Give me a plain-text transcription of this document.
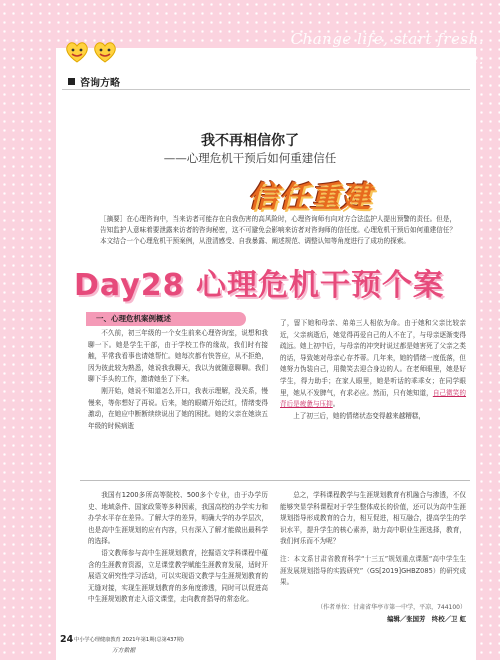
Change life, start fresh.
The best is yet to come.
咨询方略
我不再相信你了
——心理危机干预后如何重建信任
信任重建
［摘要］在心理咨询中，当来访者可能存在自我伤害的高风险时，心理咨询师有向对方合法监护人提出预警的责任。但是，告知监护人意味着要泄露来访者的咨询秘密，这不可避免会影响来访者对咨询师的信任度。心理危机干预后如何重建信任？本文结合一个心理危机干预案例，从澄清感受、自我暴露、阐述规范、调整认知等角度进行了成功的探索。
Day28 心理危机干预个案
一、心理危机案例概述

不久前，初三年级的一个女生前来心理咨询室，说想和我聊一下。她是学生干部，由于学校工作的缘故，我们时有接触，平常我看事也请她帮忙。她每次都有快答应，从不拒绝，因为彼此较为熟悉，她说我我聊天，我以为就随意聊聊。我们聊下手头的工作，邀请她坐了下来。

刚开始，她说不知道怎么开口，我表示理解，没关系，慢慢来，等你想好了再说。后来，她的眼睛开始泛红，情绪变得激动，在她应中断断续续说出了她的困扰。她的父亲在她读五年级的时候病逝

了，留下她和母亲、弟弟三人相依为命。由于她和父亲比较亲近，父亲病逝后，她觉得再爱自己的人不在了，与母亲逐渐变得疏远。她上初中后，与母亲的冲突时说过都是她害死了父亲之类的话，导致她对母亲心存芥蒂。几年来，她的情绪一度低落，但她努力伪装自己，用微笑去迎合身边的人。在老师眼里，她是好学生，得力助手；在家人眼里，她是听话的乖乖女；在同学眼里，她从不发脾气，有求必应。然而，只有她知道，自己微笑的背后是疲惫与压抑。

上了初三后，她的情绪状态变得越来越糟糕，

我国有1200多所高等院校、500多个专业，由于办学历史、地域条件、国家政策等多种因素，我国高校的办学实力和办学水平存在差异。了解大学的差异，明确大学的办学层次，也是高中生涯规划的应有内容，只有深入了解才能做出最科学的选择。

语文教师参与高中生涯规划教育，挖掘语文学科课程中蕴含的生涯教育资源，立足课堂教学赋能生涯教育发展，适时开展语文研究性学习活动，可以实现语文教学与生涯规划教育的无缝对接，实现生涯规划教育的多角度渗透，同时可以促进高中生涯规划教育走入语文课堂，走向教育指导的常态化。

总之，学科课程教学与生涯规划教育有机融合与渗透，不仅能够突显学科课程对于学生整体成长的价值，还可以为高中生涯规划指导形成教育的合力，相互促进，相互融合，提高学生的学识水平，提升学生的核心素养，助力高中职业生涯选择，教育，我们何乐而不为呢？

注：本文系甘肃省教育科学“十三五”规划重点课题“高中学生生涯发展规划指导的实践研究”（GS[2019]GHBZ085）的研究成果。

（作者单位：甘肃省华亭市第一中学，平凉，744100）
编辑／张国芳　终校／卫 虹
24 中小学心理健康教育 2021年第1期(总第437期)
万方数据
